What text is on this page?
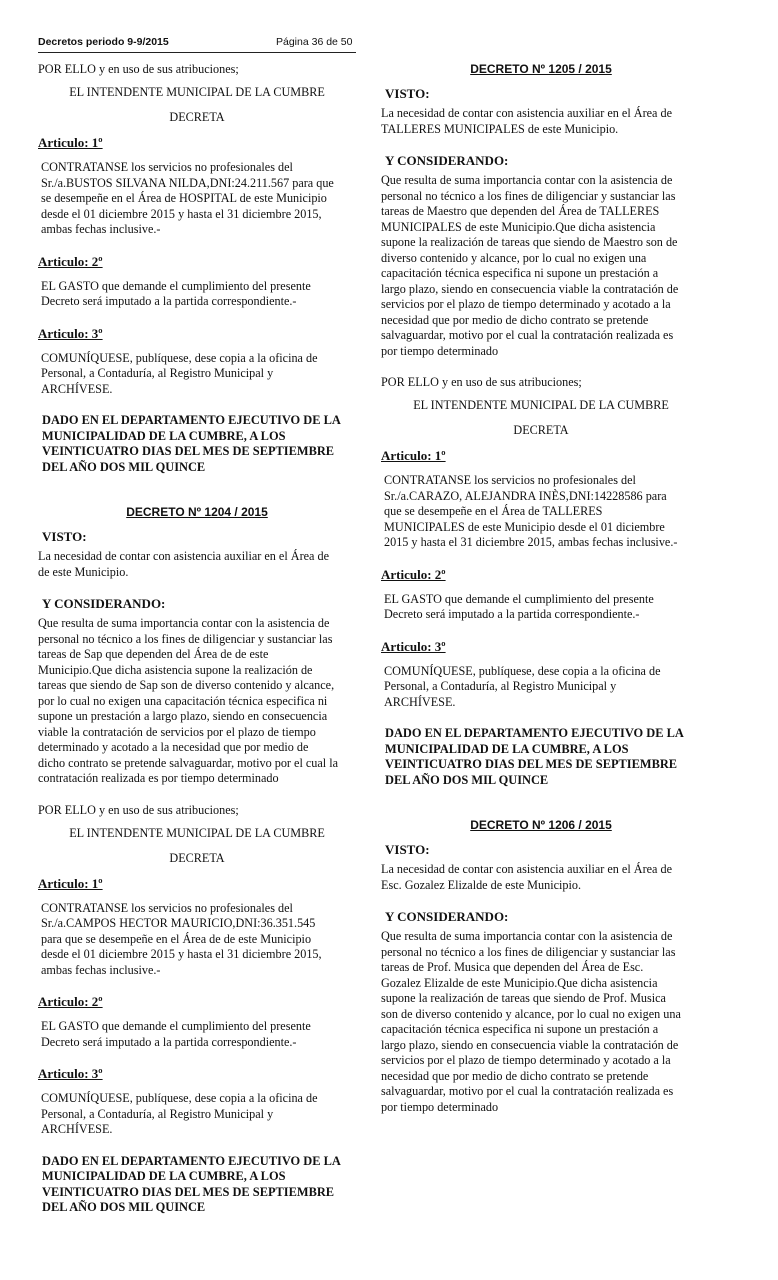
Decretos periodo 9-9/2015	Página 36 de 50
POR ELLO y en uso de sus atribuciones;
EL INTENDENTE MUNICIPAL DE LA CUMBRE
DECRETA
Articulo: 1º
CONTRATANSE los servicios no profesionales del
Sr./a.BUSTOS SILVANA NILDA,DNI:24.211.567 para que
se desempeñe en el Área de HOSPITAL de este Municipio
desde el 01 diciembre 2015 y hasta el 31 diciembre 2015,
ambas fechas inclusive.-
Articulo: 2º
EL GASTO que demande el cumplimiento del presente
Decreto será imputado a la partida correspondiente.-
Articulo: 3º
COMUNÍQUESE, publíquese, dese copia a la oficina de
Personal, a Contaduría, al Registro Municipal y
ARCHÍVESE.
DADO EN EL DEPARTAMENTO EJECUTIVO DE LA
MUNICIPALIDAD DE LA CUMBRE, A LOS
VEINTICUATRO DIAS DEL MES DE SEPTIEMBRE
DEL AÑO DOS MIL QUINCE
DECRETO Nº 1204 / 2015
VISTO:
La necesidad de contar con asistencia auxiliar en el Área de
de este Municipio.
Y CONSIDERANDO:
Que resulta de suma importancia contar con la asistencia de
personal no técnico a los fines de diligenciar y sustanciar las
tareas de Sap que dependen del Área de de este
Municipio.Que dicha asistencia supone la realización de
tareas que siendo de Sap son de diverso contenido y alcance,
por lo cual no exigen una capacitación técnica especifica ni
supone un prestación a largo plazo, siendo en consecuencia
viable la contratación de servicios por el plazo de tiempo
determinado y acotado a la necesidad que por medio de
dicho contrato se pretende salvaguardar, motivo por el cual la
contratación realizada es por tiempo determinado
POR ELLO y en uso de sus atribuciones;
EL INTENDENTE MUNICIPAL DE LA CUMBRE
DECRETA
Articulo: 1º
CONTRATANSE los servicios no profesionales del
Sr./a.CAMPOS HECTOR MAURICIO,DNI:36.351.545
para que se desempeñe en el Área de de este Municipio
desde el 01 diciembre 2015 y hasta el 31 diciembre 2015,
ambas fechas inclusive.-
Articulo: 2º
EL GASTO que demande el cumplimiento del presente
Decreto será imputado a la partida correspondiente.-
Articulo: 3º
COMUNÍQUESE, publíquese, dese copia a la oficina de
Personal, a Contaduría, al Registro Municipal y
ARCHÍVESE.
DADO EN EL DEPARTAMENTO EJECUTIVO DE LA
MUNICIPALIDAD DE LA CUMBRE, A LOS
VEINTICUATRO DIAS DEL MES DE SEPTIEMBRE
DEL AÑO DOS MIL QUINCE
DECRETO Nº 1205 / 2015
VISTO:
La necesidad de contar con asistencia auxiliar en el Área de
TALLERES MUNICIPALES de este Municipio.
Y CONSIDERANDO:
Que resulta de suma importancia contar con la asistencia de
personal no técnico a los fines de diligenciar y sustanciar las
tareas de Maestro que dependen del Área de TALLERES
MUNICIPALES de este Municipio.Que dicha asistencia
supone la realización de tareas que siendo de Maestro son de
diverso contenido y alcance, por lo cual no exigen una
capacitación técnica especifica ni supone un prestación a
largo plazo, siendo en consecuencia viable la contratación de
servicios por el plazo de tiempo determinado y acotado a la
necesidad que por medio de dicho contrato se pretende
salvaguardar, motivo por el cual la contratación realizada es
por tiempo determinado
POR ELLO y en uso de sus atribuciones;
EL INTENDENTE MUNICIPAL DE LA CUMBRE
DECRETA
Articulo: 1º
CONTRATANSE los servicios no profesionales del
Sr./a.CARAZO, ALEJANDRA INÈS,DNI:14228586 para
que se desempeñe en el Área de TALLERES
MUNICIPALES de este Municipio desde el 01 diciembre
2015 y hasta el 31 diciembre 2015, ambas fechas inclusive.-
Articulo: 2º
EL GASTO que demande el cumplimiento del presente
Decreto será imputado a la partida correspondiente.-
Articulo: 3º
COMUNÍQUESE, publíquese, dese copia a la oficina de
Personal, a Contaduría, al Registro Municipal y
ARCHÍVESE.
DADO EN EL DEPARTAMENTO EJECUTIVO DE LA
MUNICIPALIDAD DE LA CUMBRE, A LOS
VEINTICUATRO DIAS DEL MES DE SEPTIEMBRE
DEL AÑO DOS MIL QUINCE
DECRETO Nº 1206 / 2015
VISTO:
La necesidad de contar con asistencia auxiliar en el Área de
Esc. Gozalez Elizalde de este Municipio.
Y CONSIDERANDO:
Que resulta de suma importancia contar con la asistencia de
personal no técnico a los fines de diligenciar y sustanciar las
tareas de Prof. Musica que dependen del Área de Esc.
Gozalez Elizalde de este Municipio.Que dicha asistencia
supone la realización de tareas que siendo de Prof. Musica
son de diverso contenido y alcance, por lo cual no exigen una
capacitación técnica especifica ni supone un prestación a
largo plazo, siendo en consecuencia viable la contratación de
servicios por el plazo de tiempo determinado y acotado a la
necesidad que por medio de dicho contrato se pretende
salvaguardar, motivo por el cual la contratación realizada es
por tiempo determinado
